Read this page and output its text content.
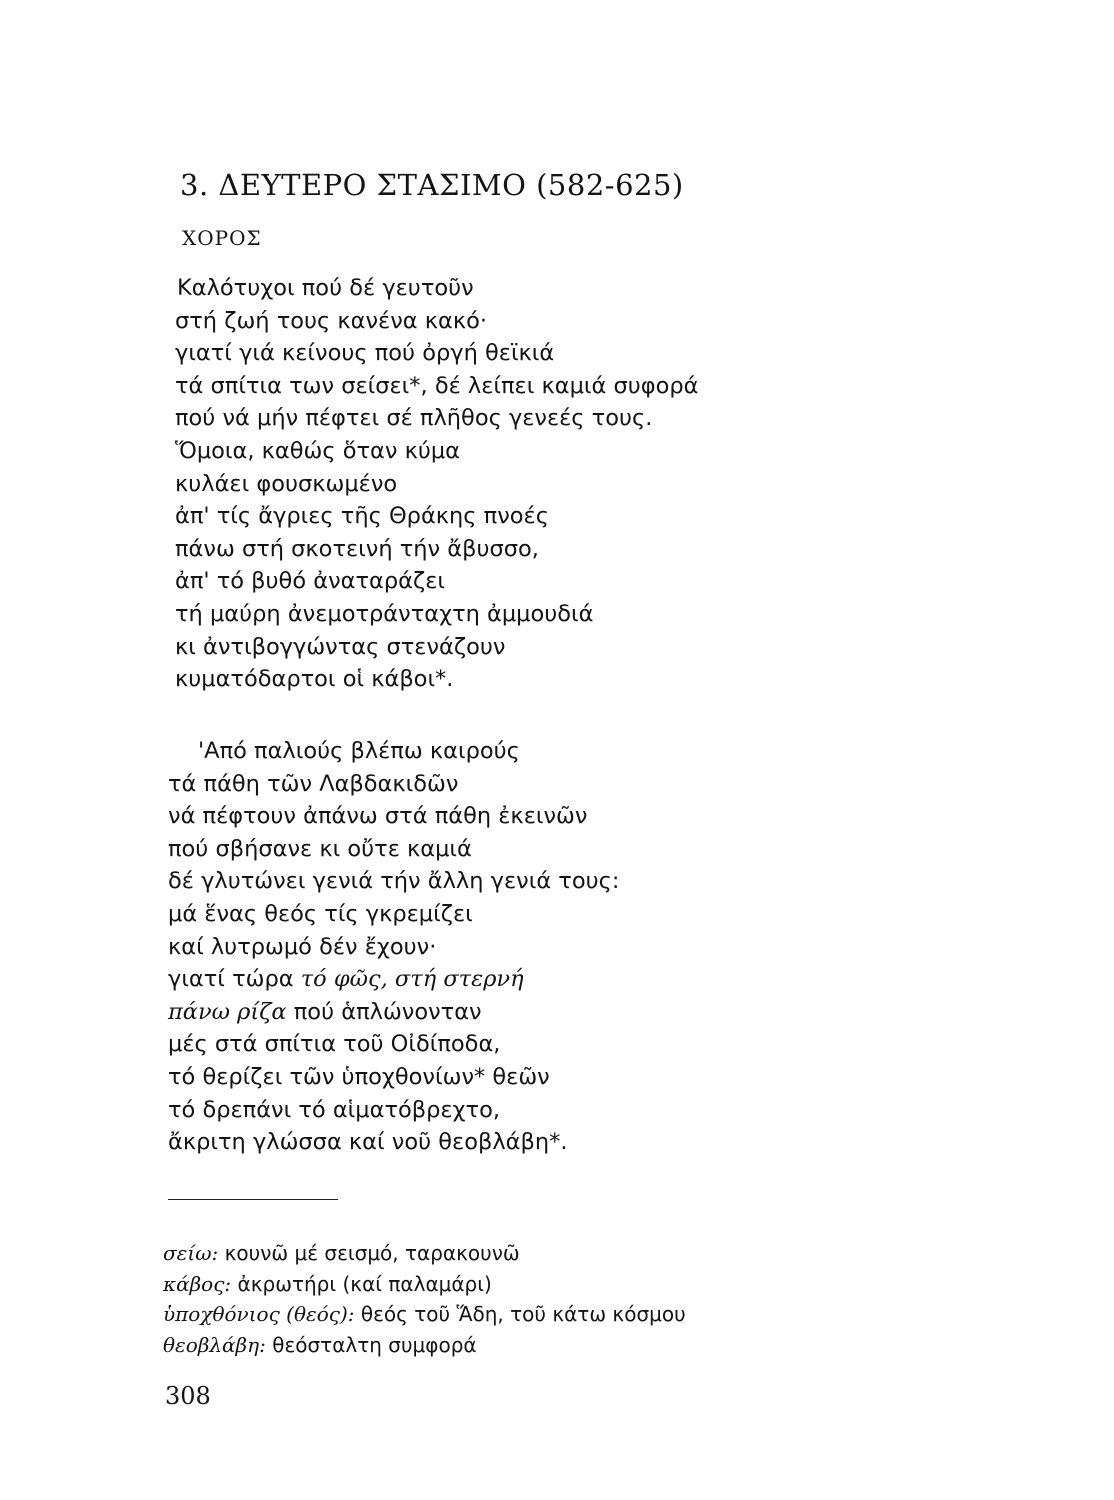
3. ΔΕΥΤΕΡΟ ΣΤΑΣΙΜΟ (582-625)
ΧΟΡΟΣ
Καλότυχοι πού δέ γευτοῦν
στή ζωή τους κανένα κακό·
γιατί γιά κείνους πού ὀργή θεϊκιά
τά σπίτια των σείσει*, δέ λείπει καμιά συφορά
πού νά μήν πέφτει σέ πλῆθος γενεές τους.
Ὅμοια, καθώς ὅταν κύμα
κυλάει φουσκωμένο
ἀπ' τίς ἄγριες τῆς Θράκης πνοές
πάνω στή σκοτεινή τήν ἄβυσσο,
ἀπ' τό βυθό ἀναταράζει
τή μαύρη ἀνεμοτράνταχτη ἀμμουδιά
κι ἀντιβογγώντας στενάζουν
κυματόδαρτοι οἱ κάβοι*.
'Από παλιούς βλέπω καιρούς
τά πάθη τῶν Λαβδακιδῶν
νά πέφτουν ἀπάνω στά πάθη ἐκεινῶν
πού σβήσανε κι οὔτε καμιά
δέ γλυτώνει γενιά τήν ἄλλη γενιά τους:
μά ἕνας θεός τίς γκρεμίζει
καί λυτρωμό δέν ἔχουν·
γιατί τώρα τό φῶς, στή στερνή
πάνω ρίζα πού ἁπλώνονταν
μές στά σπίτια τοῦ Οἰδίποδα,
τό θερίζει τῶν ὑποχθονίων* θεῶν
τό δρεπάνι τό αἱματόβρεχτο,
ἄκριτη γλώσσα καί νοῦ θεοβλάβη*.
σείω: κουνῶ μέ σεισμό, ταρακουνῶ
κάβος: ἀκρωτήρι (καί παλαμάρι)
ὑποχθόνιος (θεός): θεός τοῦ Ἅδη, τοῦ κάτω κόσμου
θεοβλάβη: θεόσταλτη συμφορά
308
